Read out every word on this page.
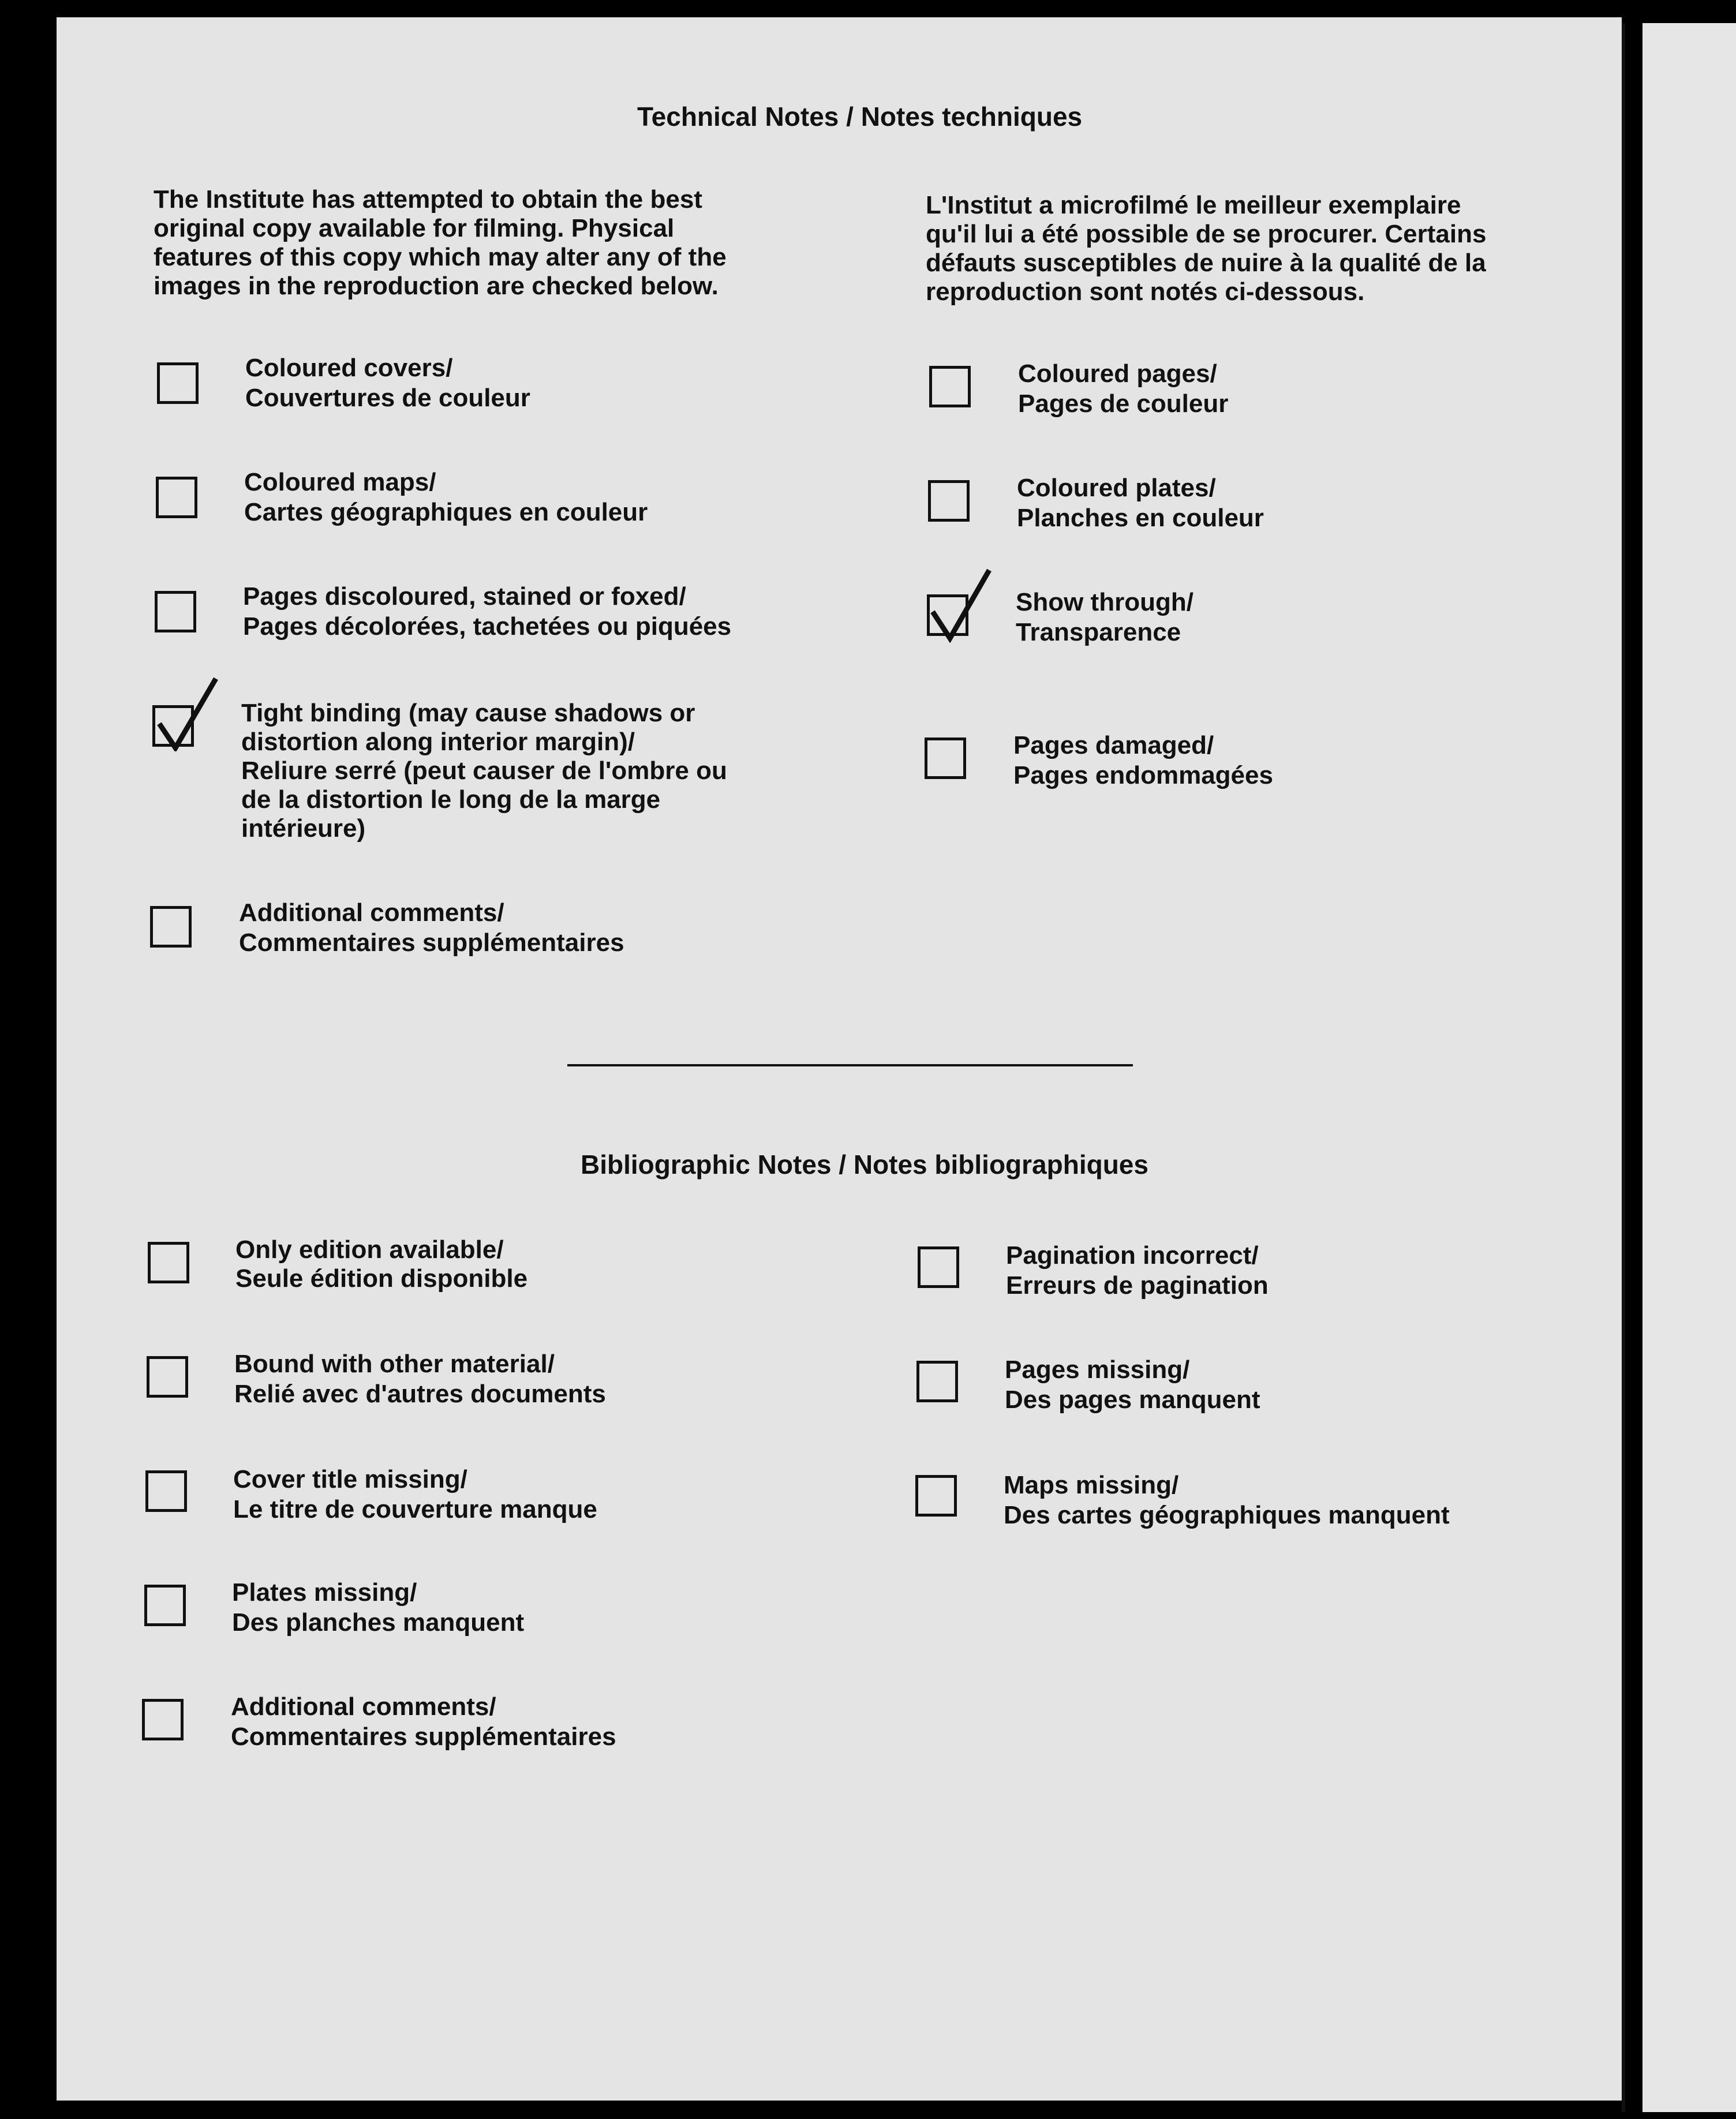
Technical Notes / Notes techniques
The Institute has attempted to obtain the best
original copy available for filming. Physical
features of this copy which may alter any of the
images in the reproduction are checked below.
L'Institut a microfilmé le meilleur exemplaire
qu'il lui a été possible de se procurer. Certains
défauts susceptibles de nuire à la qualité de la
reproduction sont notés ci-dessous.
Coloured covers/
Couvertures de couleur
Coloured maps/
Cartes géographiques en couleur
Pages discoloured, stained or foxed/
Pages décolorées, tachetées ou piquées
Tight binding (may cause shadows or
distortion along interior margin)/
Reliure serré (peut causer de l'ombre ou
de la distortion le long de la marge
intérieure)
Additional comments/
Commentaires supplémentaires
Coloured pages/
Pages de couleur
Coloured plates/
Planches en couleur
Show through/
Transparence
Pages damaged/
Pages endommagées
Bibliographic Notes / Notes bibliographiques
Only edition available/
Seule édition disponible
Bound with other material/
Relié avec d'autres documents
Cover title missing/
Le titre de couverture manque
Plates missing/
Des planches manquent
Additional comments/
Commentaires supplémentaires
Pagination incorrect/
Erreurs de pagination
Pages missing/
Des pages manquent
Maps missing/
Des cartes géographiques manquent
